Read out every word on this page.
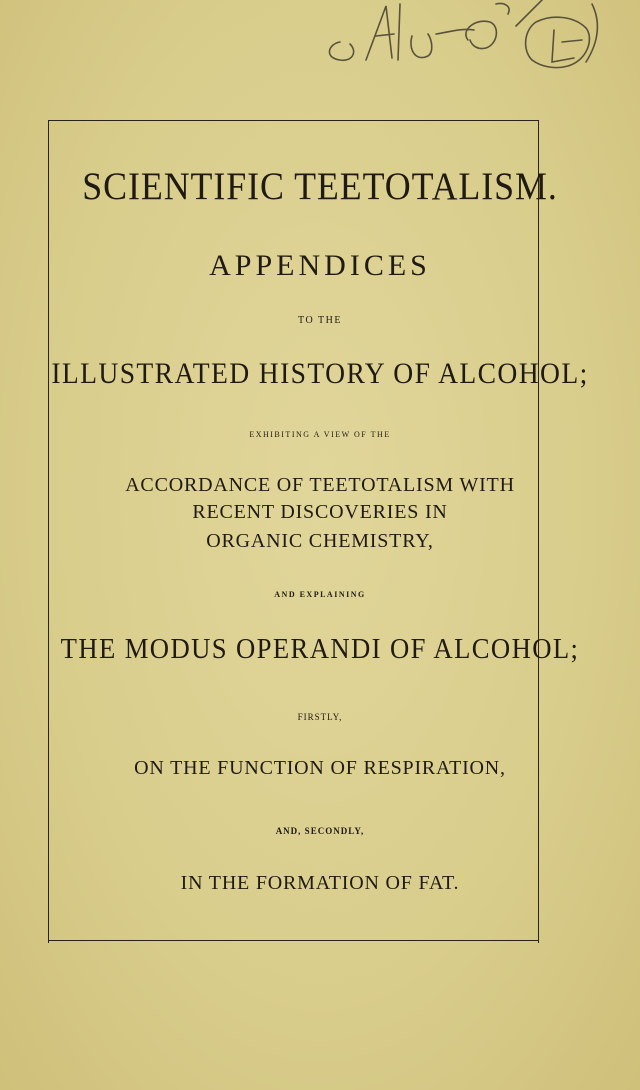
SCIENTIFIC TEETOTALISM.
APPENDICES
TO THE
ILLUSTRATED HISTORY OF ALCOHOL;
EXHIBITING A VIEW OF THE
ACCORDANCE OF TEETOTALISM WITH
RECENT DISCOVERIES IN
ORGANIC CHEMISTRY,
AND EXPLAINING
THE MODUS OPERANDI OF ALCOHOL;
FIRSTLY,
ON THE FUNCTION OF RESPIRATION,
AND, SECONDLY,
IN THE FORMATION OF FAT.
